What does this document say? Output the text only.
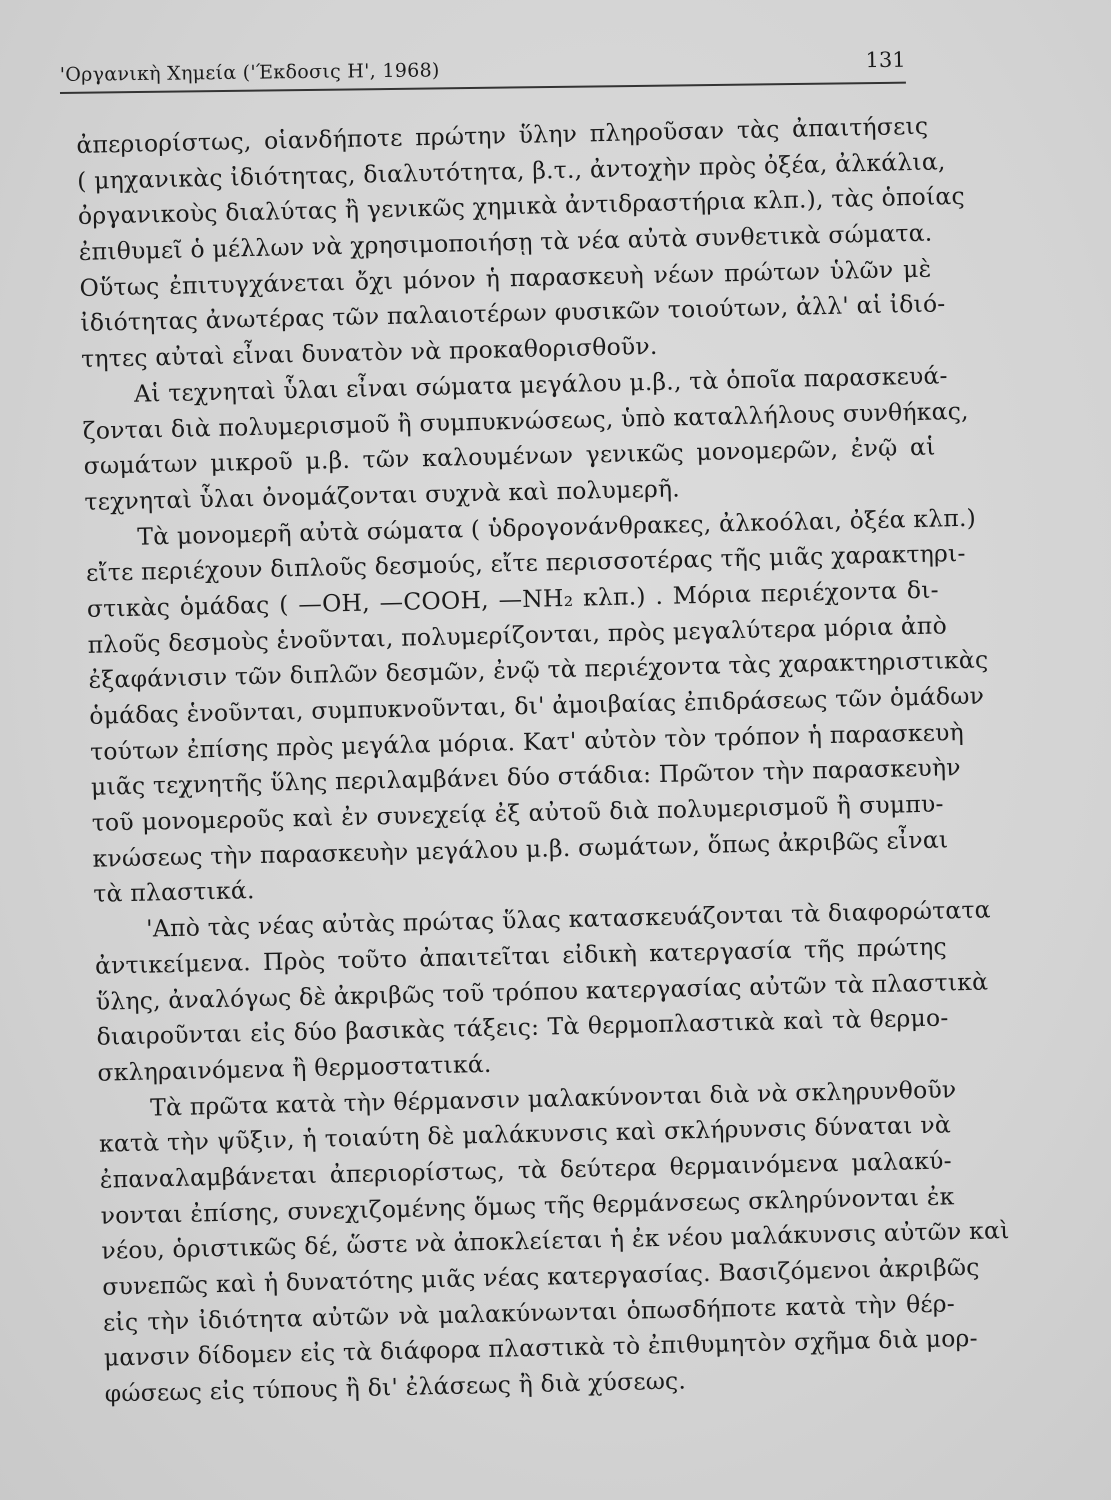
'Οργανικὴ Χημεία ('Έκδοσις Η', 1968)	131
ἀπεριορίστως, οἱανδήποτε πρώτην ὕλην πληροῦσαν τὰς ἀπαιτήσεις
( μηχανικὰς ἰδιότητας, διαλυτότητα, β.τ., ἀντοχὴν πρὸς ὀξέα, ἀλκάλια,
ὀργανικοὺς διαλύτας ἢ γενικῶς χημικὰ ἀντιδραστήρια κλπ.), τὰς ὁποίας
ἐπιθυμεῖ ὁ μέλλων νὰ χρησιμοποιήσῃ τὰ νέα αὐτὰ συνθετικὰ σώματα.
Οὕτως ἐπιτυγχάνεται ὄχι μόνον ἡ παρασκευὴ νέων πρώτων ὑλῶν μὲ
ἰδιότητας ἀνωτέρας τῶν παλαιοτέρων φυσικῶν τοιούτων, ἀλλ' αἱ ἰδιό-
τητες αὐταὶ εἶναι δυνατὸν νὰ προκαθορισθοῦν.
Αἱ τεχνηταὶ ὗλαι εἶναι σώματα μεγάλου μ.β., τὰ ὁποῖα παρασκευά-
ζονται διὰ πολυμερισμοῦ ἢ συμπυκνώσεως, ὑπὸ καταλλήλους συνθήκας,
σωμάτων μικροῦ μ.β. τῶν καλουμένων γενικῶς μονομερῶν, ἐνῷ αἱ
τεχνηταὶ ὗλαι ὀνομάζονται συχνὰ καὶ πολυμερῆ.
Τὰ μονομερῆ αὐτὰ σώματα ( ὑδρογονάνθρακες, ἀλκοόλαι, ὀξέα κλπ.)
εἴτε περιέχουν διπλοῦς δεσμούς, εἴτε περισσοτέρας τῆς μιᾶς χαρακτηρι-
στικὰς ὁμάδας ( —ΟΗ, —COOH, —NH₂ κλπ.) . Μόρια περιέχοντα δι-
πλοῦς δεσμοὺς ἑνοῦνται, πολυμερίζονται, πρὸς μεγαλύτερα μόρια ἀπὸ
ἐξαφάνισιν τῶν διπλῶν δεσμῶν, ἐνῷ τὰ περιέχοντα τὰς χαρακτηριστικὰς
ὁμάδας ἑνοῦνται, συμπυκνοῦνται, δι' ἀμοιβαίας ἐπιδράσεως τῶν ὁμάδων
τούτων ἐπίσης πρὸς μεγάλα μόρια. Κατ' αὐτὸν τὸν τρόπον ἡ παρασκευὴ
μιᾶς τεχνητῆς ὕλης περιλαμβάνει δύο στάδια: Πρῶτον τὴν παρασκευὴν
τοῦ μονομεροῦς καὶ ἐν συνεχείᾳ ἐξ αὐτοῦ διὰ πολυμερισμοῦ ἢ συμπυ-
κνώσεως τὴν παρασκευὴν μεγάλου μ.β. σωμάτων, ὅπως ἀκριβῶς εἶναι
τὰ πλαστικά.
'Απὸ τὰς νέας αὐτὰς πρώτας ὕλας κατασκευάζονται τὰ διαφορώτατα
ἀντικείμενα. Πρὸς τοῦτο ἀπαιτεῖται εἰδικὴ κατεργασία τῆς πρώτης
ὕλης, ἀναλόγως δὲ ἀκριβῶς τοῦ τρόπου κατεργασίας αὐτῶν τὰ πλαστικὰ
διαιροῦνται εἰς δύο βασικὰς τάξεις: Τὰ θερμοπλαστικὰ καὶ τὰ θερμο-
σκληραινόμενα ἢ θερμοστατικά.
Τὰ πρῶτα κατὰ τὴν θέρμανσιν μαλακύνονται διὰ νὰ σκληρυνθοῦν
κατὰ τὴν ψῦξιν, ἡ τοιαύτη δὲ μαλάκυνσις καὶ σκλήρυνσις δύναται νὰ
ἐπαναλαμβάνεται ἀπεριορίστως, τὰ δεύτερα θερμαινόμενα μαλακύ-
νονται ἐπίσης, συνεχιζομένης ὅμως τῆς θερμάνσεως σκληρύνονται ἐκ
νέου, ὁριστικῶς δέ, ὥστε νὰ ἀποκλείεται ἡ ἐκ νέου μαλάκυνσις αὐτῶν καὶ
συνεπῶς καὶ ἡ δυνατότης μιᾶς νέας κατεργασίας. Βασιζόμενοι ἀκριβῶς
εἰς τὴν ἰδιότητα αὐτῶν νὰ μαλακύνωνται ὁπωσδήποτε κατὰ τὴν θέρ-
μανσιν δίδομεν εἰς τὰ διάφορα πλαστικὰ τὸ ἐπιθυμητὸν σχῆμα διὰ μορ-
φώσεως εἰς τύπους ἢ δι' ἐλάσεως ἢ διὰ χύσεως.
